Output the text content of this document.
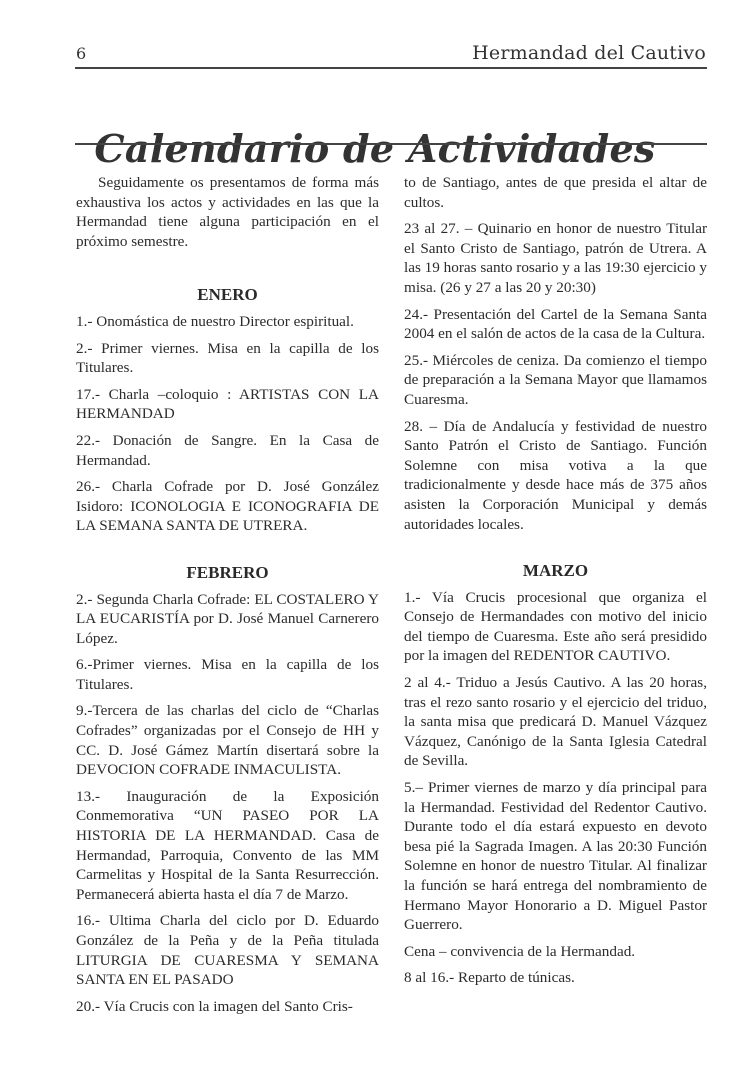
6	Hermandad del Cautivo
Calendario de Actividades

Seguidamente os presentamos de forma más exhaustiva los actos y actividades en las que la Hermandad tiene alguna participación en el próximo semestre.

ENERO

1.- Onomástica de nuestro Director espiritual.

2.- Primer viernes. Misa en la capilla de los Titulares.

17.- Charla –coloquio : ARTISTAS CON LA HERMANDAD

22.- Donación de Sangre. En la Casa de Hermandad.

26.- Charla Cofrade por D. José González Isidoro: ICONOLOGIA E ICONOGRAFIA DE LA SEMANA SANTA DE UTRERA.

FEBRERO

2.- Segunda Charla Cofrade: EL COSTALERO Y LA EUCARISTÍA por D. José Manuel Carnerero López.

6.-Primer viernes. Misa en la capilla de los Titulares.

9.-Tercera de las charlas del ciclo de “Charlas Cofrades” organizadas por el Consejo de HH y CC. D. José Gámez Martín disertará sobre la DEVOCION COFRADE INMACULISTA.

13.- Inauguración de la Exposición Conmemorativa “UN PASEO POR LA HISTORIA DE LA HERMANDAD. Casa de Hermandad, Parroquia, Convento de las MM Carmelitas y Hospital de la Santa Resurrección. Permanecerá abierta hasta el día 7 de Marzo.

16.- Ultima Charla del ciclo por D. Eduardo González de la Peña y de la Peña titulada LITURGIA DE CUARESMA Y SEMANA SANTA EN EL PASADO

20.- Vía Crucis con la imagen del Santo Cris-

to de Santiago, antes de que presida el altar de cultos.

23 al 27. – Quinario en honor de nuestro Titular el Santo Cristo de Santiago, patrón de Utrera. A las 19 horas santo rosario y a las 19:30 ejercicio y misa. (26 y 27 a las 20 y 20:30)

24.- Presentación del Cartel de la Semana Santa 2004 en el salón de actos de la casa de la Cultura.

25.- Miércoles de ceniza. Da comienzo el tiempo de preparación a la Semana Mayor que llamamos Cuaresma.

28. – Día de Andalucía y festividad de nuestro Santo Patrón el Cristo de Santiago. Función Solemne con misa votiva a la que tradicionalmente y desde hace más de 375 años asisten la Corporación Municipal y demás autoridades locales.

MARZO

1.- Vía Crucis procesional que organiza el Consejo de Hermandades con motivo del inicio del tiempo de Cuaresma. Este año será presidido por la imagen del REDENTOR CAUTIVO.

2 al 4.- Triduo a Jesús Cautivo. A las 20 horas, tras el rezo santo rosario y el ejercicio del triduo, la santa misa que predicará D. Manuel Vázquez Vázquez, Canónigo de la Santa Iglesia Catedral de Sevilla.

5.– Primer viernes de marzo y día principal para la Hermandad. Festividad del Redentor Cautivo. Durante todo el día estará expuesto en devoto besa pié la Sagrada Imagen. A las 20:30 Función Solemne en honor de nuestro Titular. Al finalizar la función se hará entrega del nombramiento de Hermano Mayor Honorario a D. Miguel Pastor Guerrero.

Cena – convivencia de la Hermandad.

8 al 16.- Reparto de túnicas.
